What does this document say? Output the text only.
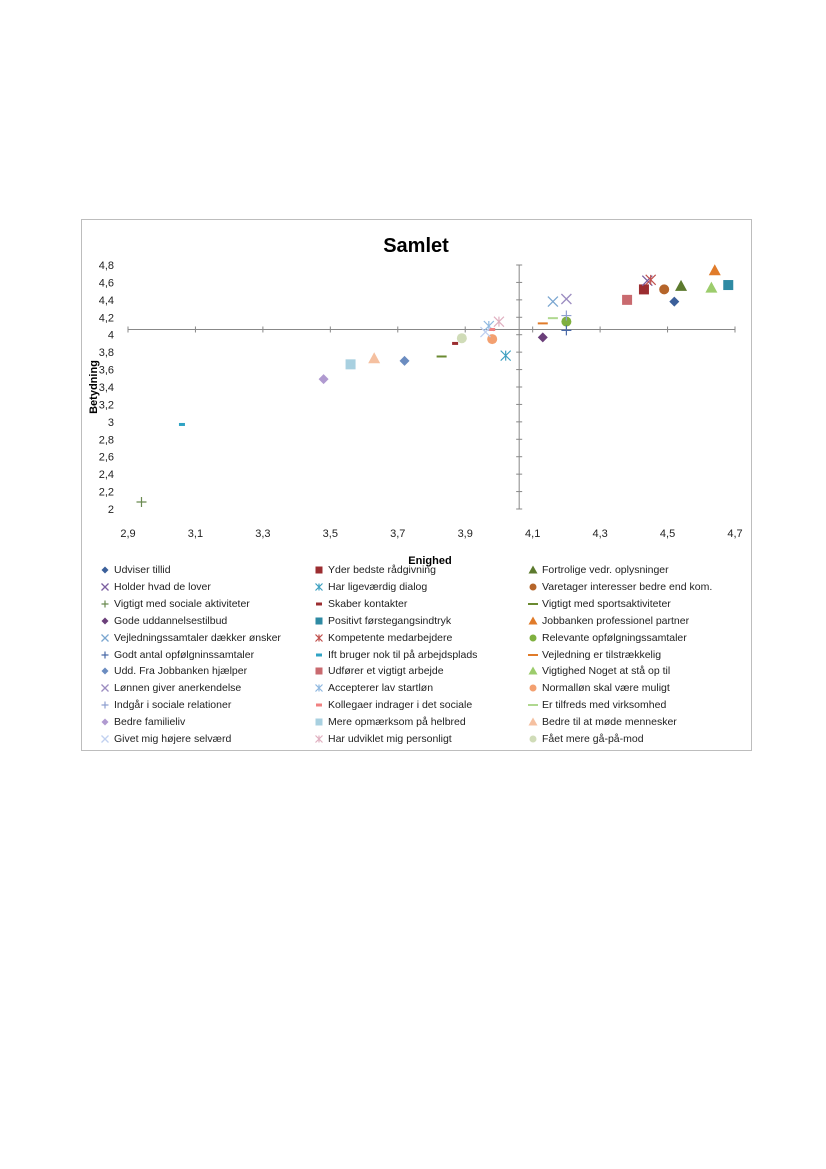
Samlet
Enighed
Betydning
2,9	3,1	3,3	3,5	3,7	3,9	4,1	4,3	4,5	4,7
2
2,2
2,4
2,6
2,8
3
3,2
3,4
3,6
3,8
4
4,2
4,4
4,6
4,8
Udviser tillid	Yder bedste rådgivning	Fortrolige vedr. oplysninger
Holder hvad de lover	Har ligeværdig dialog	Varetager interesser bedre end kom.
Vigtigt med sociale aktiviteter	Skaber kontakter	Vigtigt med sportsaktiviteter
Gode uddannelsestilbud	Positivt førstegangsindtryk	Jobbanken professionel partner
Vejledningssamtaler dækker ønsker	Kompetente medarbejdere	Relevante opfølgningssamtaler
Godt antal opfølgninssamtaler	Ift bruger nok til på arbejdsplads	Vejledning er tilstrækkelig
Udd. Fra Jobbanken hjælper	Udfører et vigtigt arbejde	Vigtighed Noget at stå op til
Lønnen giver anerkendelse	Accepterer lav startløn	Normalløn skal være muligt
Indgår i sociale relationer	Kollegaer indrager i det sociale	Er tilfreds med virksomhed
Bedre familieliv	Mere opmærksom på helbred	Bedre til at møde mennesker
Givet mig højere selværd	Har udviklet mig personligt	Fået mere gå-på-mod
